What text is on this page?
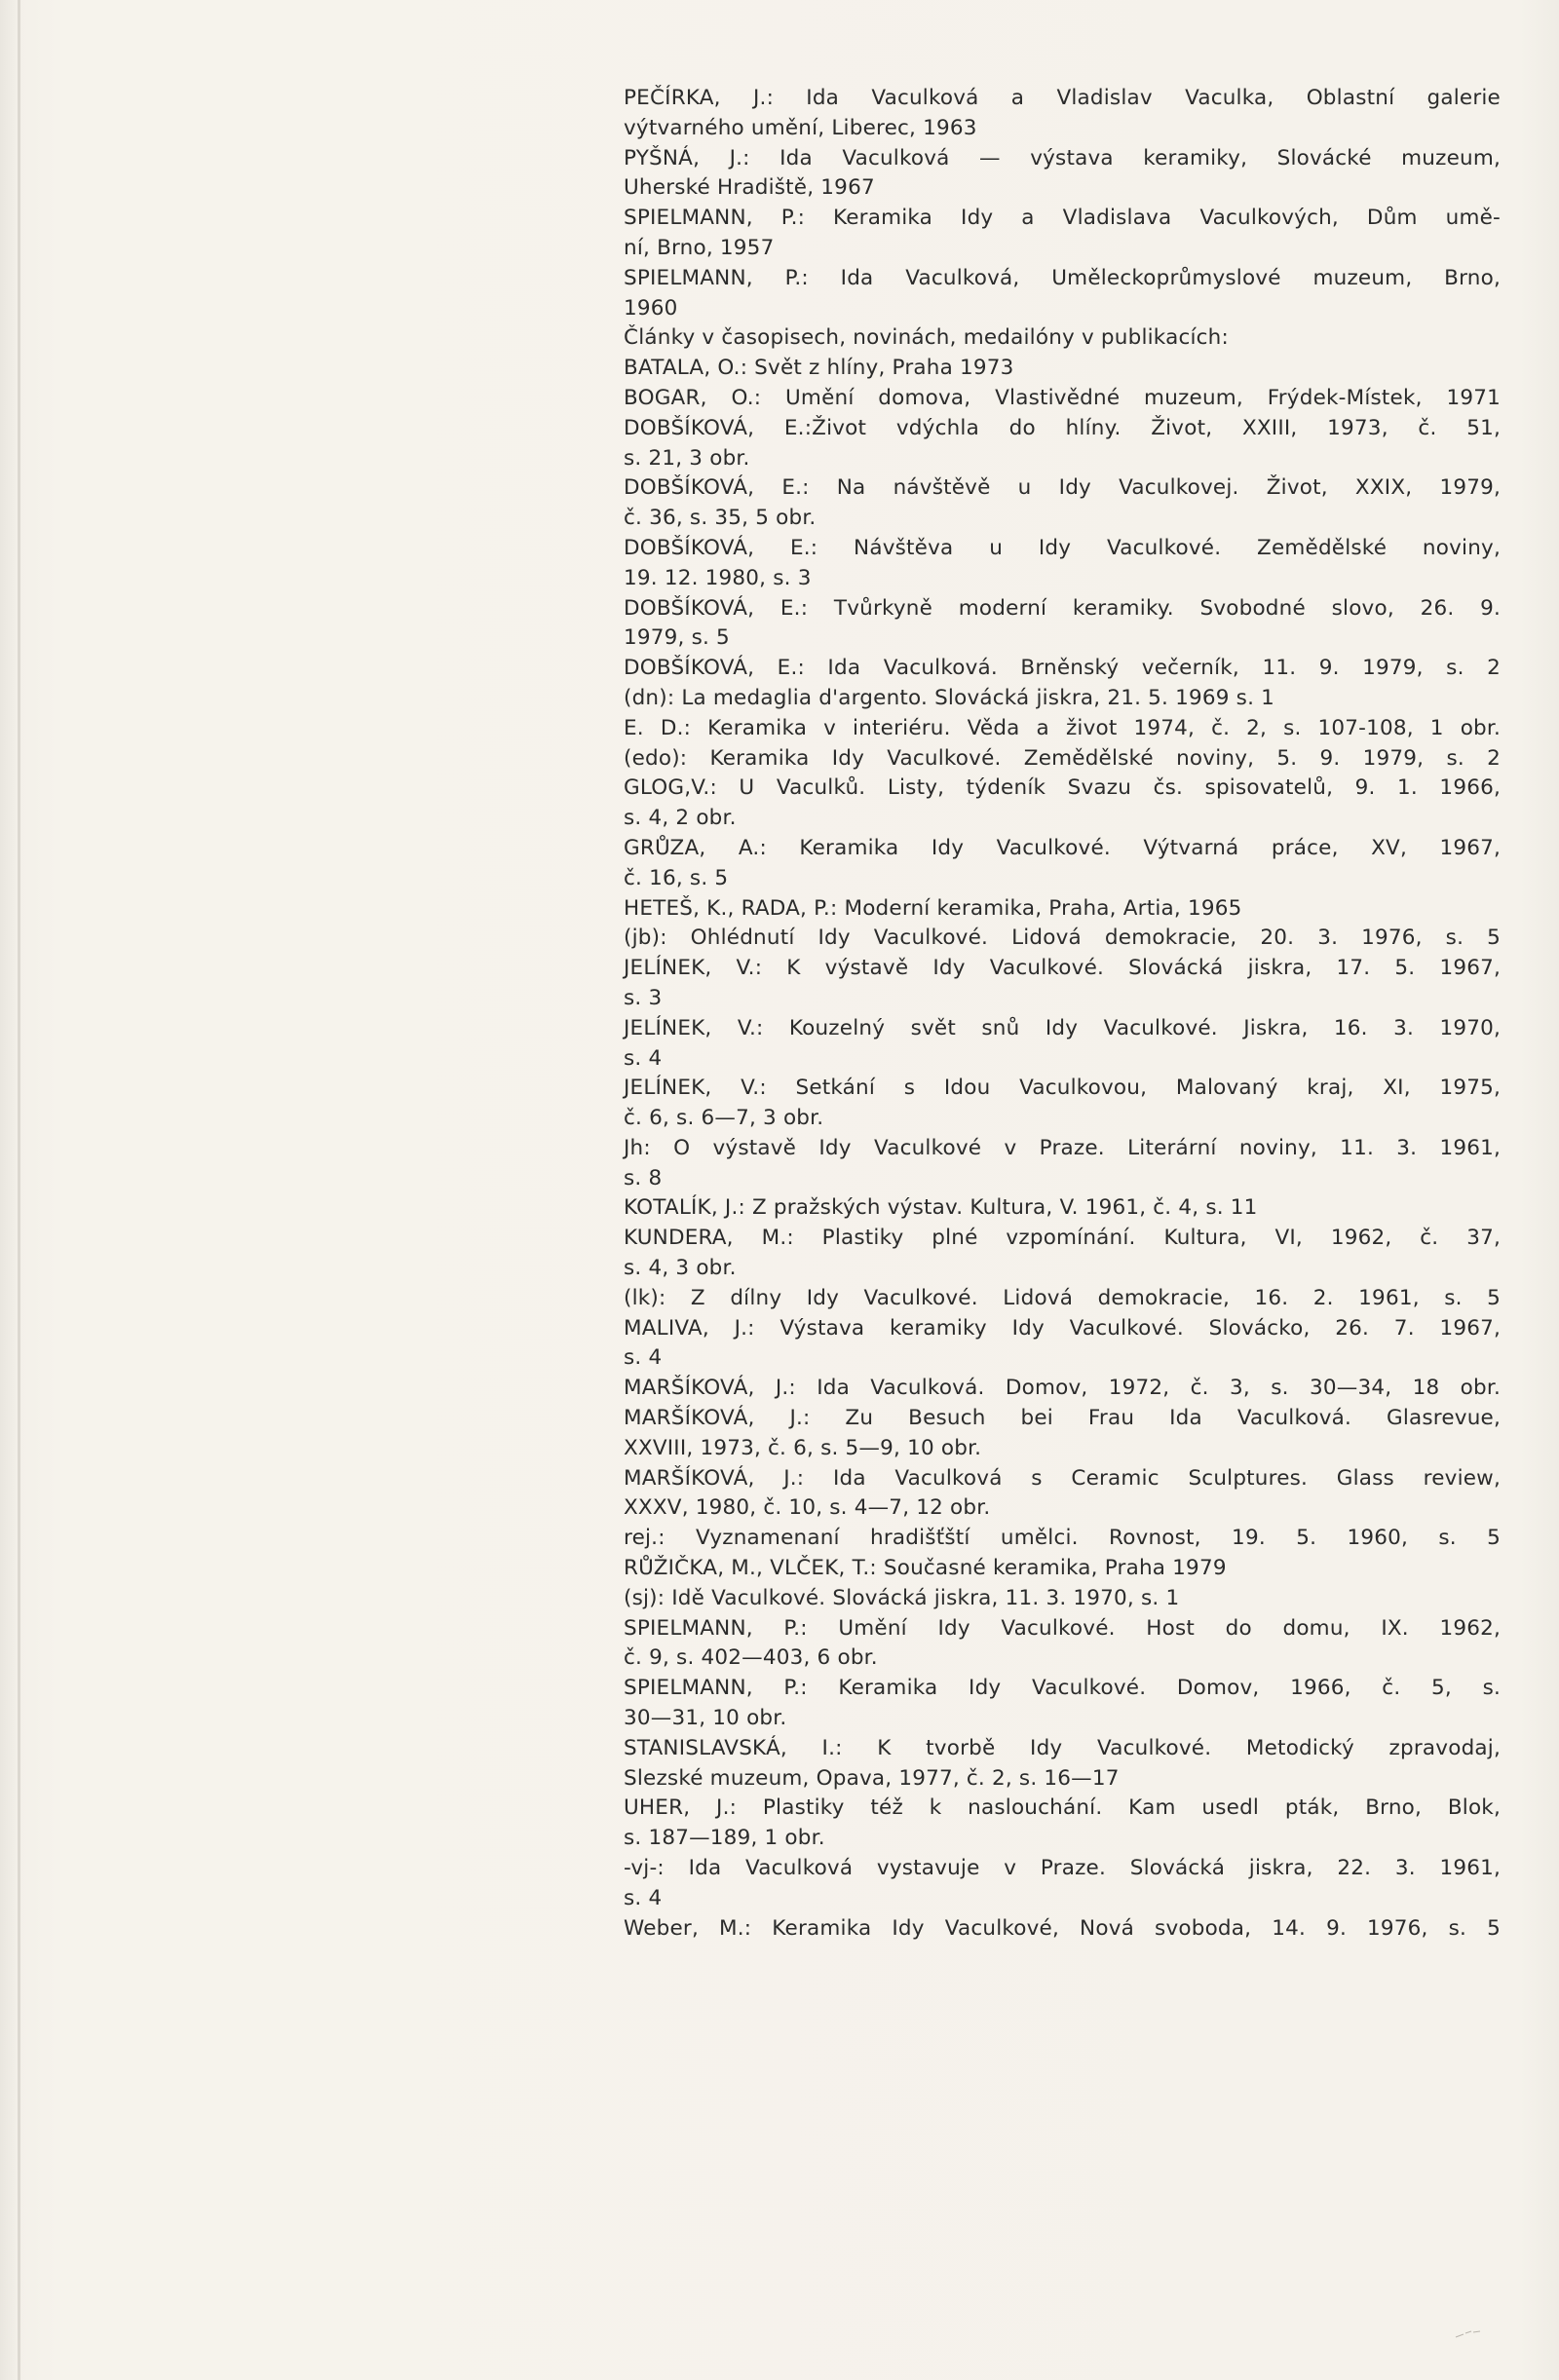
PEČÍRKA, J.: Ida Vaculková a Vladislav Vaculka, Oblastní galerie
výtvarného umění, Liberec, 1963
PYŠNÁ, J.: Ida Vaculková — výstava keramiky, Slovácké muzeum,
Uherské Hradiště, 1967
SPIELMANN, P.: Keramika Idy a Vladislava Vaculkových, Dům umě-
ní, Brno, 1957
SPIELMANN, P.: Ida Vaculková, Uměleckoprůmyslové muzeum, Brno,
1960
Články v časopisech, novinách, medailóny v publikacích:
BATALA, O.: Svět z hlíny, Praha 1973
BOGAR, O.: Umění domova, Vlastivědné muzeum, Frýdek-Místek, 1971
DOBŠÍKOVÁ, E.:Život vdýchla do hlíny. Život, XXIII, 1973, č. 51,
s. 21, 3 obr.
DOBŠÍKOVÁ, E.: Na návštěvě u Idy Vaculkovej. Život, XXIX, 1979,
č. 36, s. 35, 5 obr.
DOBŠÍKOVÁ, E.: Návštěva u Idy Vaculkové. Zemědělské noviny,
19. 12. 1980, s. 3
DOBŠÍKOVÁ, E.: Tvůrkyně moderní keramiky. Svobodné slovo, 26. 9.
1979, s. 5
DOBŠÍKOVÁ, E.: Ida Vaculková. Brněnský večerník, 11. 9. 1979, s. 2
(dn): La medaglia d'argento. Slovácká jiskra, 21. 5. 1969 s. 1
E. D.: Keramika v interiéru. Věda a život 1974, č. 2, s. 107-108, 1 obr.
(edo): Keramika Idy Vaculkové. Zemědělské noviny, 5. 9. 1979, s. 2
GLOG,V.: U Vaculků. Listy, týdeník Svazu čs. spisovatelů, 9. 1. 1966,
s. 4, 2 obr.
GRŮZA, A.: Keramika Idy Vaculkové. Výtvarná práce, XV, 1967,
č. 16, s. 5
HETEŠ, K., RADA, P.: Moderní keramika, Praha, Artia, 1965
(jb): Ohlédnutí Idy Vaculkové. Lidová demokracie, 20. 3. 1976, s. 5
JELÍNEK, V.: K výstavě Idy Vaculkové. Slovácká jiskra, 17. 5. 1967,
s. 3
JELÍNEK, V.: Kouzelný svět snů Idy Vaculkové. Jiskra, 16. 3. 1970,
s. 4
JELÍNEK, V.: Setkání s Idou Vaculkovou, Malovaný kraj, XI, 1975,
č. 6, s. 6—7, 3 obr.
Jh: O výstavě Idy Vaculkové v Praze. Literární noviny, 11. 3. 1961,
s. 8
KOTALÍK, J.: Z pražských výstav. Kultura, V. 1961, č. 4, s. 11
KUNDERA, M.: Plastiky plné vzpomínání. Kultura, VI, 1962, č. 37,
s. 4, 3 obr.
(lk): Z dílny Idy Vaculkové. Lidová demokracie, 16. 2. 1961, s. 5
MALIVA, J.: Výstava keramiky Idy Vaculkové. Slovácko, 26. 7. 1967,
s. 4
MARŠÍKOVÁ, J.: Ida Vaculková. Domov, 1972, č. 3, s. 30—34, 18 obr.
MARŠÍKOVÁ, J.: Zu Besuch bei Frau Ida Vaculková. Glasrevue,
XXVIII, 1973, č. 6, s. 5—9, 10 obr.
MARŠÍKOVÁ, J.: Ida Vaculková s Ceramic Sculptures. Glass review,
XXXV, 1980, č. 10, s. 4—7, 12 obr.
rej.: Vyznamenaní hradišťští umělci. Rovnost, 19. 5. 1960, s. 5
RŮŽIČKA, M., VLČEK, T.: Současné keramika, Praha 1979
(sj): Idě Vaculkové. Slovácká jiskra, 11. 3. 1970, s. 1
SPIELMANN, P.: Umění Idy Vaculkové. Host do domu, IX. 1962,
č. 9, s. 402—403, 6 obr.
SPIELMANN, P.: Keramika Idy Vaculkové. Domov, 1966, č. 5, s.
30—31, 10 obr.
STANISLAVSKÁ, I.: K tvorbě Idy Vaculkové. Metodický zpravodaj,
Slezské muzeum, Opava, 1977, č. 2, s. 16—17
UHER, J.: Plastiky též k naslouchání. Kam usedl pták, Brno, Blok,
s. 187—189, 1 obr.
-vj-: Ida Vaculková vystavuje v Praze. Slovácká jiskra, 22. 3. 1961,
s. 4
Weber, M.: Keramika Idy Vaculkové, Nová svoboda, 14. 9. 1976, s. 5
